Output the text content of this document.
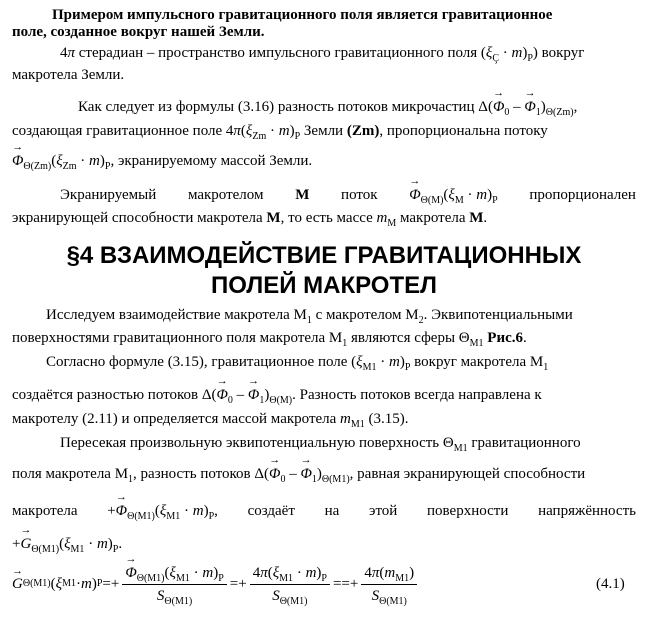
Примером импульсного гравитационного поля является гравитационное
поле, созданное вокруг нашей Земли.
4π стерадиан – пространство импульсного гравитационного поля $(\xi_Ç \cdot m)_P$) вокруг
макротела Земли.
Как следует из формулы (3.16) разность потоков микрочастиц $\Delta(\to \Phi_0$ – → $\Phi_1)_{\Theta(Zm)}$,
создающая гравитационное поле $4\pi(\xi_{Zm} \cdot m)_P$ Земли (Zm), пропорциональна потоку
→ $\Phi_{\Theta(Zm)}(\xi_{Zm} \cdot m)_P$, экранируемому массой Земли.
Экранируемый макротелом M поток → $\Phi_{\Theta(M)}(\xi_M \cdot m)_P$ пропорционален
экранирующей способности макротела M, то есть массе $m_M$ макротела M.
§4 ВЗАИМОДЕЙСТВИЕ ГРАВИТАЦИОННЫХ
ПОЛЕЙ МАКРОТЕЛ
Исследуем взаимодействие макротела $M_1$ с макротелом $M_2$. Эквипотенциальными
поверхностями гравитационного поля макротела $M_1$ являются сферы $\Theta_{M1}$ Рис.6.
Согласно формуле (3.15), гравитационное поле $(\xi_{M1} \cdot m)_P$ вокруг макротела $M_1$
создаётся разностью потоков $\Delta(\to \Phi_0$ – → $\Phi_1)_{\Theta(M)}$. Разность потоков всегда направлена к
макротелу (2.11) и определяется массой макротела $m_{M1}$ (3.15).
Пересекая произвольную эквипотенциальную поверхность $\Theta_{M1}$ гравитационного
поля макротела $M_1$, разность потоков $\Delta(\to \Phi_0$ – → $\Phi_1)_{\Theta(M1)}$, равная экранирующей способности
макротела +→ $\Phi_{\Theta(M1)}(\xi_{M1} \cdot m)_P$, создаёт на этой поверхности напряжённость
+→ $G_{\Theta(M1)}(\xi_{M1} \cdot m)_P$.
→ G Θ(M1) ( ξ M1 · m ) P = + → $\frac{\Phi_{\Theta(M1)}(\xi_{M1} \cdot m)_P}{S_{\Theta(M1)}}$ = + $\frac{4\pi(\xi_{M1} \cdot m)_P}{S_{\Theta(M1)}}$ == + $\frac{4\pi(m_{M1})}{S_{\Theta(M1)}}$	(4.1)
